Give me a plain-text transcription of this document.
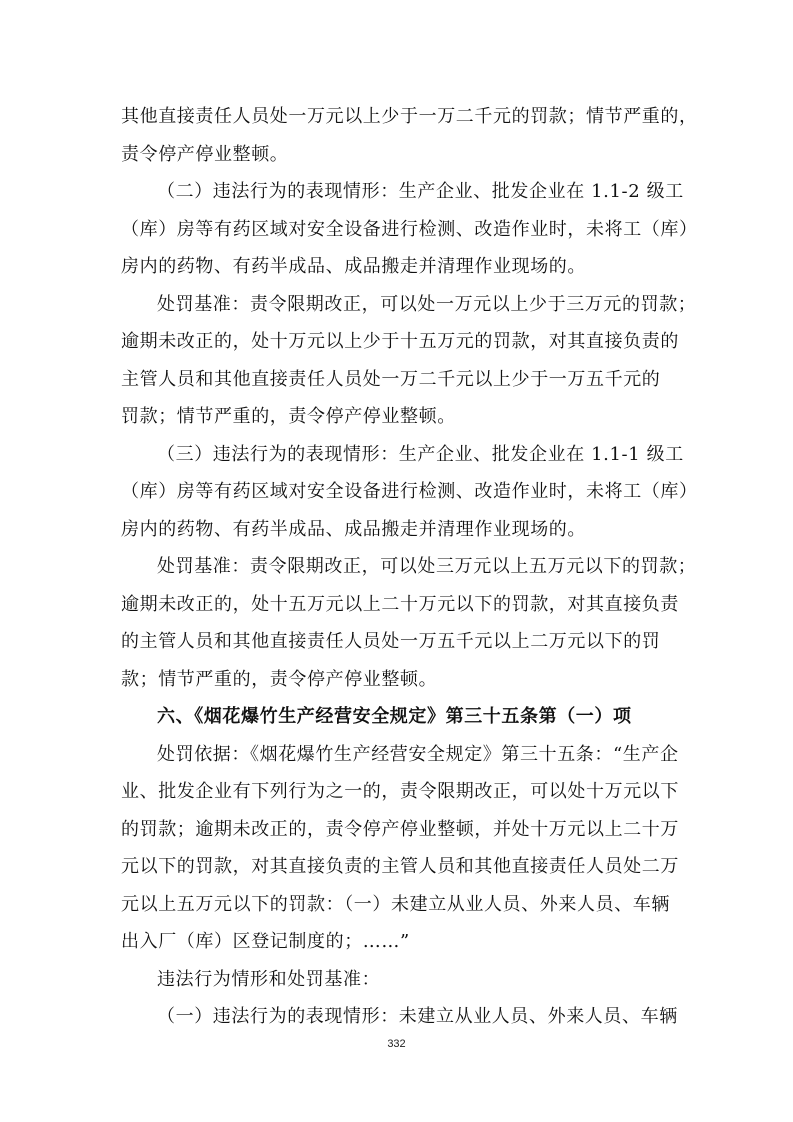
其他直接责任人员处一万元以上少于一万二千元的罚款；情节严重的，
责令停产停业整顿。
（二）违法行为的表现情形：生产企业、批发企业在 1.1-2 级工
（库）房等有药区域对安全设备进行检测、改造作业时，未将工（库）
房内的药物、有药半成品、成品搬走并清理作业现场的。
处罚基准：责令限期改正，可以处一万元以上少于三万元的罚款；
逾期未改正的，处十万元以上少于十五万元的罚款，对其直接负责的
主管人员和其他直接责任人员处一万二千元以上少于一万五千元的
罚款；情节严重的，责令停产停业整顿。
（三）违法行为的表现情形：生产企业、批发企业在 1.1-1 级工
（库）房等有药区域对安全设备进行检测、改造作业时，未将工（库）
房内的药物、有药半成品、成品搬走并清理作业现场的。
处罚基准：责令限期改正，可以处三万元以上五万元以下的罚款；
逾期未改正的，处十五万元以上二十万元以下的罚款，对其直接负责
的主管人员和其他直接责任人员处一万五千元以上二万元以下的罚
款；情节严重的，责令停产停业整顿。
六、《烟花爆竹生产经营安全规定》第三十五条第（一）项
处罚依据：《烟花爆竹生产经营安全规定》第三十五条：“生产企
业、批发企业有下列行为之一的，责令限期改正，可以处十万元以下
的罚款；逾期未改正的，责令停产停业整顿，并处十万元以上二十万
元以下的罚款，对其直接负责的主管人员和其他直接责任人员处二万
元以上五万元以下的罚款：（一）未建立从业人员、外来人员、车辆
出入厂（库）区登记制度的；……”
违法行为情形和处罚基准：
（一）违法行为的表现情形：未建立从业人员、外来人员、车辆
332
